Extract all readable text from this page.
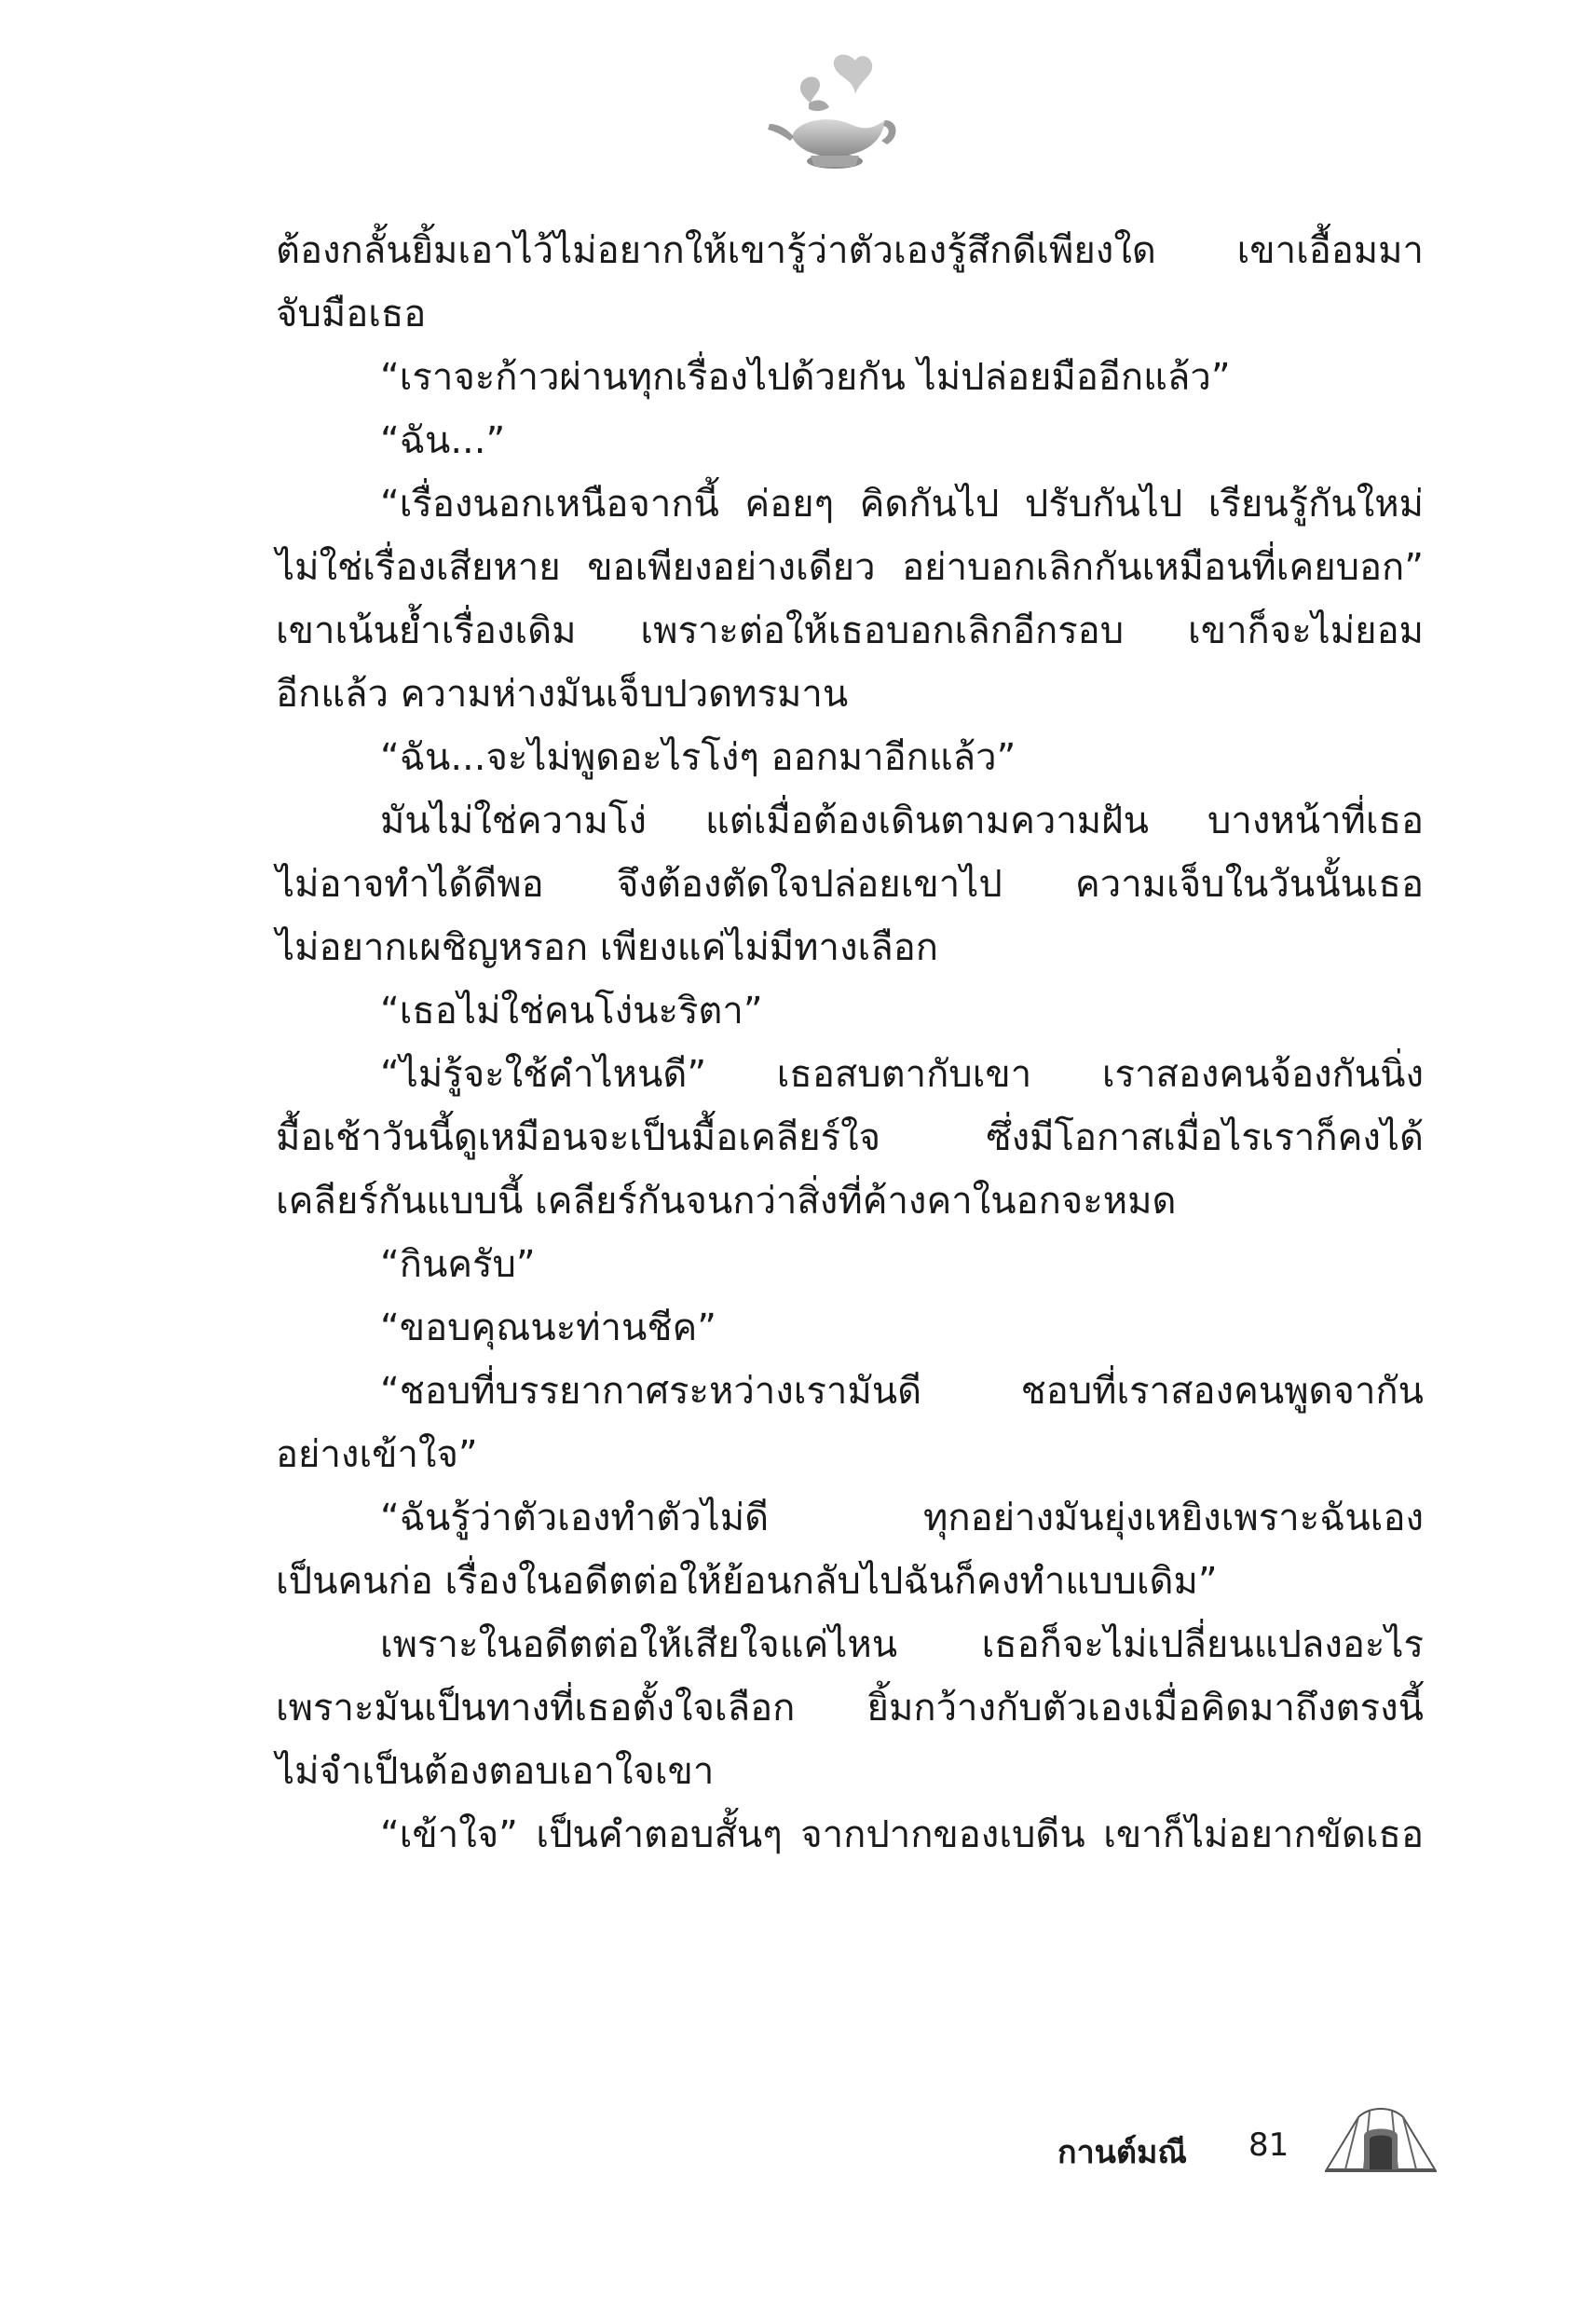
ต้องกลั้นยิ้มเอาไว้ไม่อยากให้เขารู้ว่าตัวเองรู้สึกดีเพียงใด เขาเอื้อมมา
จับมือเธอ
“เราจะก้าวผ่านทุกเรื่องไปด้วยกัน ไม่ปล่อยมืออีกแล้ว”
“ฉัน...”
“เรื่องนอกเหนือจากนี้ ค่อยๆ คิดกันไป ปรับกันไป เรียนรู้กันใหม่
ไม่ใช่เรื่องเสียหาย ขอเพียงอย่างเดียว อย่าบอกเลิกกันเหมือนที่เคยบอก”
เขาเน้นย้ำเรื่องเดิม เพราะต่อให้เธอบอกเลิกอีกรอบ เขาก็จะไม่ยอม
อีกแล้ว ความห่างมันเจ็บปวดทรมาน
“ฉัน...จะไม่พูดอะไรโง่ๆ ออกมาอีกแล้ว”
มันไม่ใช่ความโง่ แต่เมื่อต้องเดินตามความฝัน บางหน้าที่เธอ
ไม่อาจทำได้ดีพอ จึงต้องตัดใจปล่อยเขาไป ความเจ็บในวันนั้นเธอ
ไม่อยากเผชิญหรอก เพียงแค่ไม่มีทางเลือก
“เธอไม่ใช่คนโง่นะริตา”
“ไม่รู้จะใช้คำไหนดี” เธอสบตากับเขา เราสองคนจ้องกันนิ่ง
มื้อเช้าวันนี้ดูเหมือนจะเป็นมื้อเคลียร์ใจ ซึ่งมีโอกาสเมื่อไรเราก็คงได้
เคลียร์กันแบบนี้ เคลียร์กันจนกว่าสิ่งที่ค้างคาในอกจะหมด
“กินครับ”
“ขอบคุณนะท่านชีค”
“ชอบที่บรรยากาศระหว่างเรามันดี ชอบที่เราสองคนพูดจากัน
อย่างเข้าใจ”
“ฉันรู้ว่าตัวเองทำตัวไม่ดี ทุกอย่างมันยุ่งเหยิงเพราะฉันเอง
เป็นคนก่อ เรื่องในอดีตต่อให้ย้อนกลับไปฉันก็คงทำแบบเดิม”
เพราะในอดีตต่อให้เสียใจแค่ไหน เธอก็จะไม่เปลี่ยนแปลงอะไร
เพราะมันเป็นทางที่เธอตั้งใจเลือก ยิ้มกว้างกับตัวเองเมื่อคิดมาถึงตรงนี้
ไม่จำเป็นต้องตอบเอาใจเขา
“เข้าใจ” เป็นคำตอบสั้นๆ จากปากของเบดีน เขาก็ไม่อยากขัดเธอ
กานต์มณี 81
